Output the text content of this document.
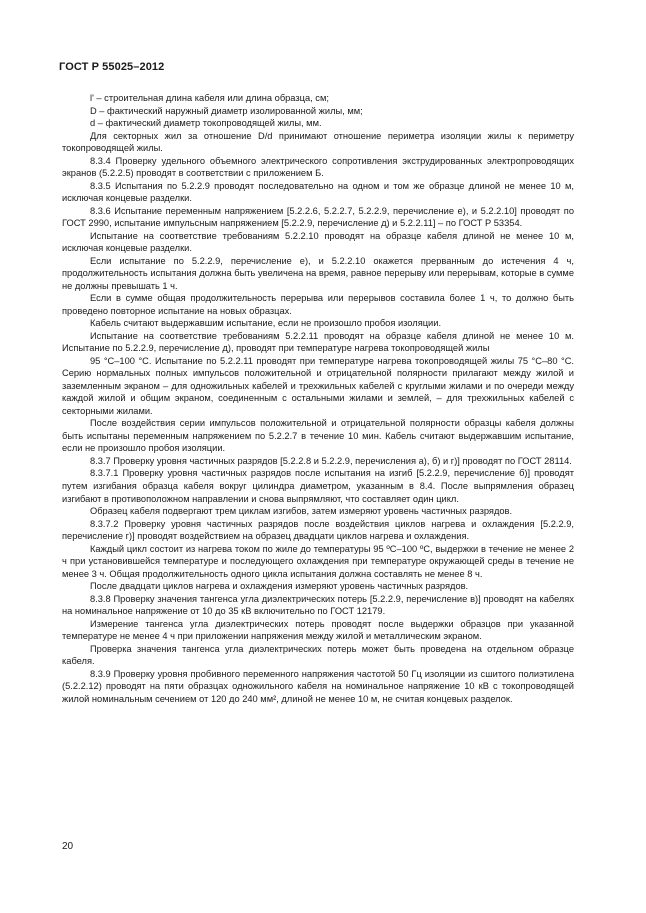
ГОСТ Р 55025–2012

l' – строительная длина кабеля или длина образца, см;

D – фактический наружный диаметр изолированной жилы, мм;

d – фактический диаметр токопроводящей жилы, мм.

Для секторных жил за отношение D/d принимают отношение периметра изоляции жилы к периметру токопроводящей жилы.

8.3.4 Проверку удельного объемного электрического сопротивления экструдированных электропроводящих экранов (5.2.2.5) проводят в соответствии с приложением Б.

8.3.5 Испытания по 5.2.2.9 проводят последовательно на одном и том же образце длиной не менее 10 м, исключая концевые разделки.

8.3.6 Испытание переменным напряжением [5.2.2.6, 5.2.2.7, 5.2.2.9, перечисление е), и 5.2.2.10] проводят по ГОСТ 2990, испытание импульсным напряжением [5.2.2.9, перечисление д) и 5.2.2.11] – по ГОСТ Р 53354.

Испытание на соответствие требованиям 5.2.2.10 проводят на образце кабеля длиной не менее 10 м, исключая концевые разделки.

Если испытание по 5.2.2.9, перечисление е), и 5.2.2.10 окажется прерванным до истечения 4 ч, продолжительность испытания должна быть увеличена на время, равное перерыву или перерывам, которые в сумме не должны превышать 1 ч.

Если в сумме общая продолжительность перерыва или перерывов составила более 1 ч, то должно быть проведено повторное испытание на новых образцах.

Кабель считают выдержавшим испытание, если не произошло пробоя изоляции.

Испытание на соответствие требованиям 5.2.2.11 проводят на образце кабеля длиной не менее 10 м. Испытание по 5.2.2.9, перечисление д), проводят при температуре нагрева токопроводящей жилы

95 °С–100 °С. Испытание по 5.2.2.11 проводят при температуре нагрева токопроводящей жилы 75 °С–80 °С. Серию нормальных полных импульсов положительной и отрицательной полярности прилагают между жилой и заземленным экраном – для одножильных кабелей и трехжильных кабелей с круглыми жилами и по очереди между каждой жилой и общим экраном, соединенным с остальными жилами и землей, – для трехжильных кабелей с секторными жилами.

После воздействия серии импульсов положительной и отрицательной полярности образцы кабеля должны быть испытаны переменным напряжением по 5.2.2.7 в течение 10 мин. Кабель считают выдержавшим испытание, если не произошло пробоя изоляции.

8.3.7 Проверку уровня частичных разрядов [5.2.2.8 и 5.2.2.9, перечисления а), б) и г)] проводят по ГОСТ 28114.

8.3.7.1 Проверку уровня частичных разрядов после испытания на изгиб [5.2.2.9, перечисление б)] проводят путем изгибания образца кабеля вокруг цилиндра диаметром, указанным в 8.4. После выпрямления образец изгибают в противоположном направлении и снова выпрямляют, что составляет один цикл.

Образец кабеля подвергают трем циклам изгибов, затем измеряют уровень частичных разрядов.

8.3.7.2 Проверку уровня частичных разрядов после воздействия циклов нагрева и охлаждения [5.2.2.9, перечисление г)] проводят воздействием на образец двадцати циклов нагрева и охлаждения.

Каждый цикл состоит из нагрева током по жиле до температуры 95 ºС–100 ºС, выдержки в течение не менее 2 ч при установившейся температуре и последующего охлаждения при температуре окружающей среды в течение не менее 3 ч. Общая продолжительность одного цикла испытания должна составлять не менее 8 ч.

После двадцати циклов нагрева и охлаждения измеряют уровень частичных разрядов.

8.3.8 Проверку значения тангенса угла диэлектрических потерь [5.2.2.9, перечисление в)] проводят на кабелях на номинальное напряжение от 10 до 35 кВ включительно по ГОСТ 12179.

Измерение тангенса угла диэлектрических потерь проводят после выдержки образцов при указанной температуре не менее 4 ч при приложении напряжения между жилой и металлическим экраном.

Проверка значения тангенса угла диэлектрических потерь может быть проведена на отдельном образце кабеля.

8.3.9 Проверку уровня пробивного переменного напряжения частотой 50 Гц изоляции из сшитого полиэтилена (5.2.2.12) проводят на пяти образцах одножильного кабеля на номинальное напряжение 10 кВ с токопроводящей жилой номинальным сечением от 120 до 240 мм², длиной не менее 10 м, не считая концевых разделок.

20
